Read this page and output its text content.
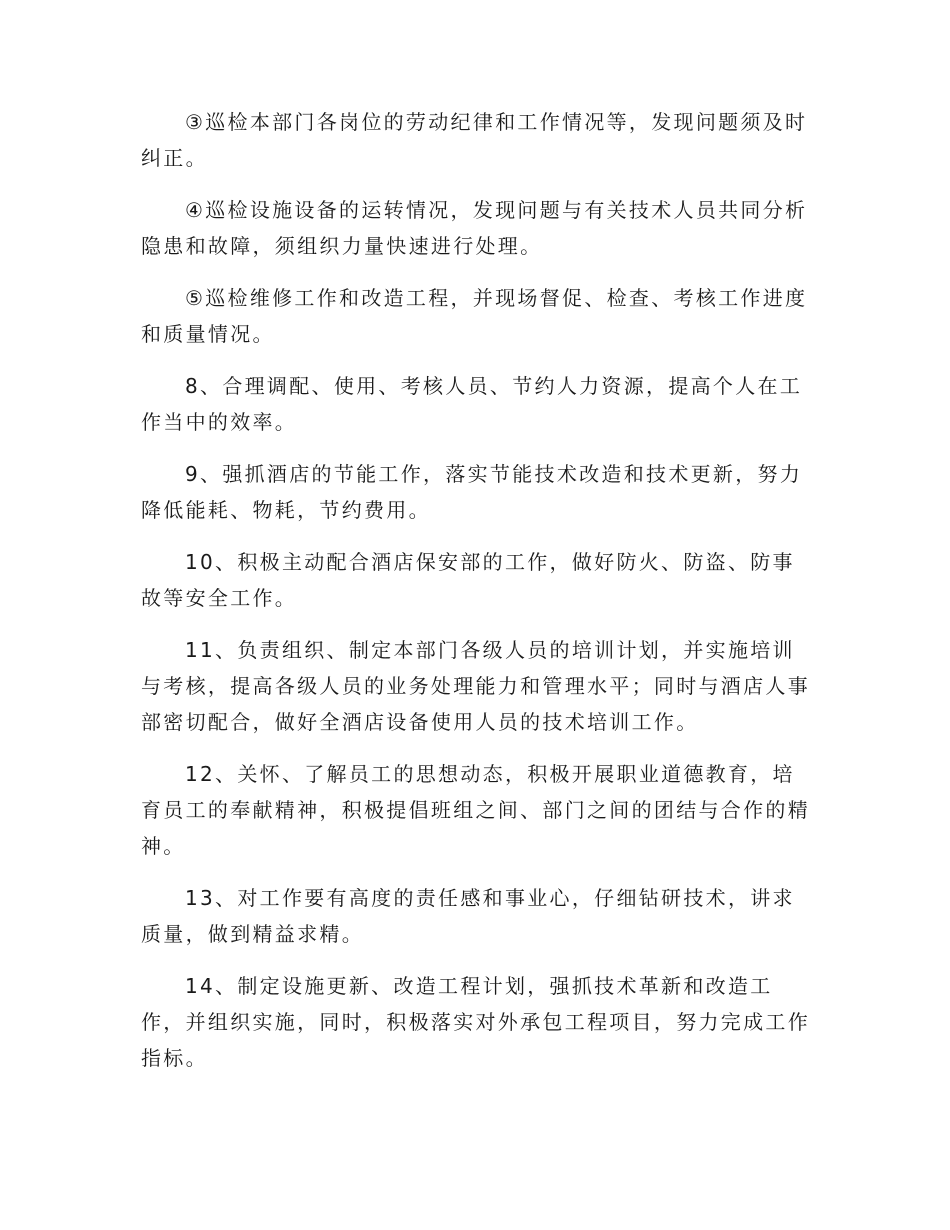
③巡检本部门各岗位的劳动纪律和工作情况等，发现问题须及时纠正。

④巡检设施设备的运转情况，发现问题与有关技术人员共同分析隐患和故障，须组织力量快速进行处理。

⑤巡检维修工作和改造工程，并现场督促、检查、考核工作进度和质量情况。

8、合理调配、使用、考核人员、节约人力资源，提高个人在工作当中的效率。

9、强抓酒店的节能工作，落实节能技术改造和技术更新，努力降低能耗、物耗，节约费用。

10、积极主动配合酒店保安部的工作，做好防火、防盗、防事故等安全工作。

11、负责组织、制定本部门各级人员的培训计划，并实施培训与考核，提高各级人员的业务处理能力和管理水平；同时与酒店人事部密切配合，做好全酒店设备使用人员的技术培训工作。

12、关怀、了解员工的思想动态，积极开展职业道德教育，培育员工的奉献精神，积极提倡班组之间、部门之间的团结与合作的精神。

13、对工作要有高度的责任感和事业心，仔细钻研技术，讲求质量，做到精益求精。

14、制定设施更新、改造工程计划，强抓技术革新和改造工作，并组织实施，同时，积极落实对外承包工程项目，努力完成工作指标。
